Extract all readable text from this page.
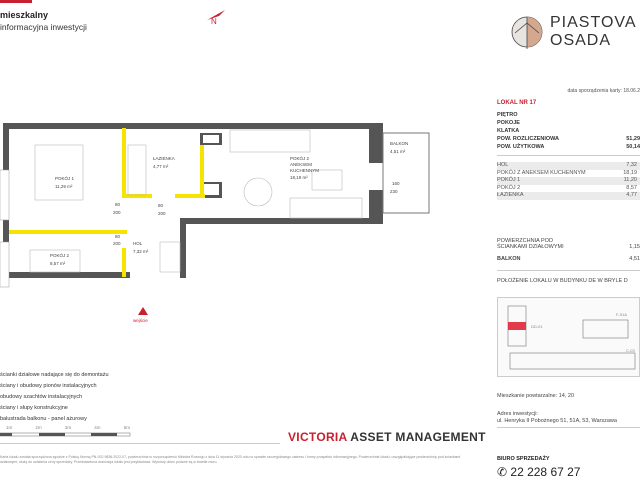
mieszkalny
informacyjna inwestycji
N	PIASTOVA
OSADA
data sporządzenia karty: 18.06.2
LOKAL NR 17
PIĘTRO
POKOJE
KLATKA
POW. ROZLICZENIOWA	51,29
POW. UŻYTKOWA	50,14
HOL	7,32
POKÓJ Z ANEKSEM KUCHENNYM	18,19
POKÓJ 1	11,20
POKÓJ 2	8,57
ŁAZIENKA	4,77
POWIERZCHNIA POD
ŚCIANKAMI DZIAŁOWYMI	1,15
BALKON	4,51
POŁOŻENIE LOKALU W BUDYNKU DE W BRYLE D
DD-01
F-51A
C-03
Mieszkanie powtarzalne: 14, 20
Adres inwestycji:
ul. Henryka II Pobożnego 51, 51A, 53, Warszawa
BIURO SPRZEDAŻY
✆ 22 228 67 27
POKÓJ 1
11,29 m²
ŁAZIENKA
4,77 m²
POKÓJ 2
ANEKSEM
KUCHENNYM
18,19 m²
BALKON
4,51 m²
POKÓJ 2
8,57 m²
HOL
7,32 m²
80
200
80
200
80
200
160
230
wejście
ścianki działowe nadające się do demontażu
ściany i obudowy pionów instalacyjnych
obudowy szachtów instalacyjnych
ściany i słupy konstrukcyjne
balustrada balkonu - panel ażurowy
1m	2m	3m	4m	5m
VICTORIA ASSET MANAGEMENT
Karta lokalu została sporządzona zgodnie z Polską Normą PN-ISO 9836:2022-07, powierzchnia w rozporządzeniu Ministra Rozwoju z dnia 11 stycznia 2020 roku w sprawie szczegółowego zakresu i formy prospektu informacyjnego. Powierzchnie lokalu, uwzględniające powierzchnię pod ściankami działowymi, służą do ustalenia ceny sprzedaży. Przedstawiona aranżacja lokalu jest przykładowa. Wymiary okien podane są w świetle muru.
